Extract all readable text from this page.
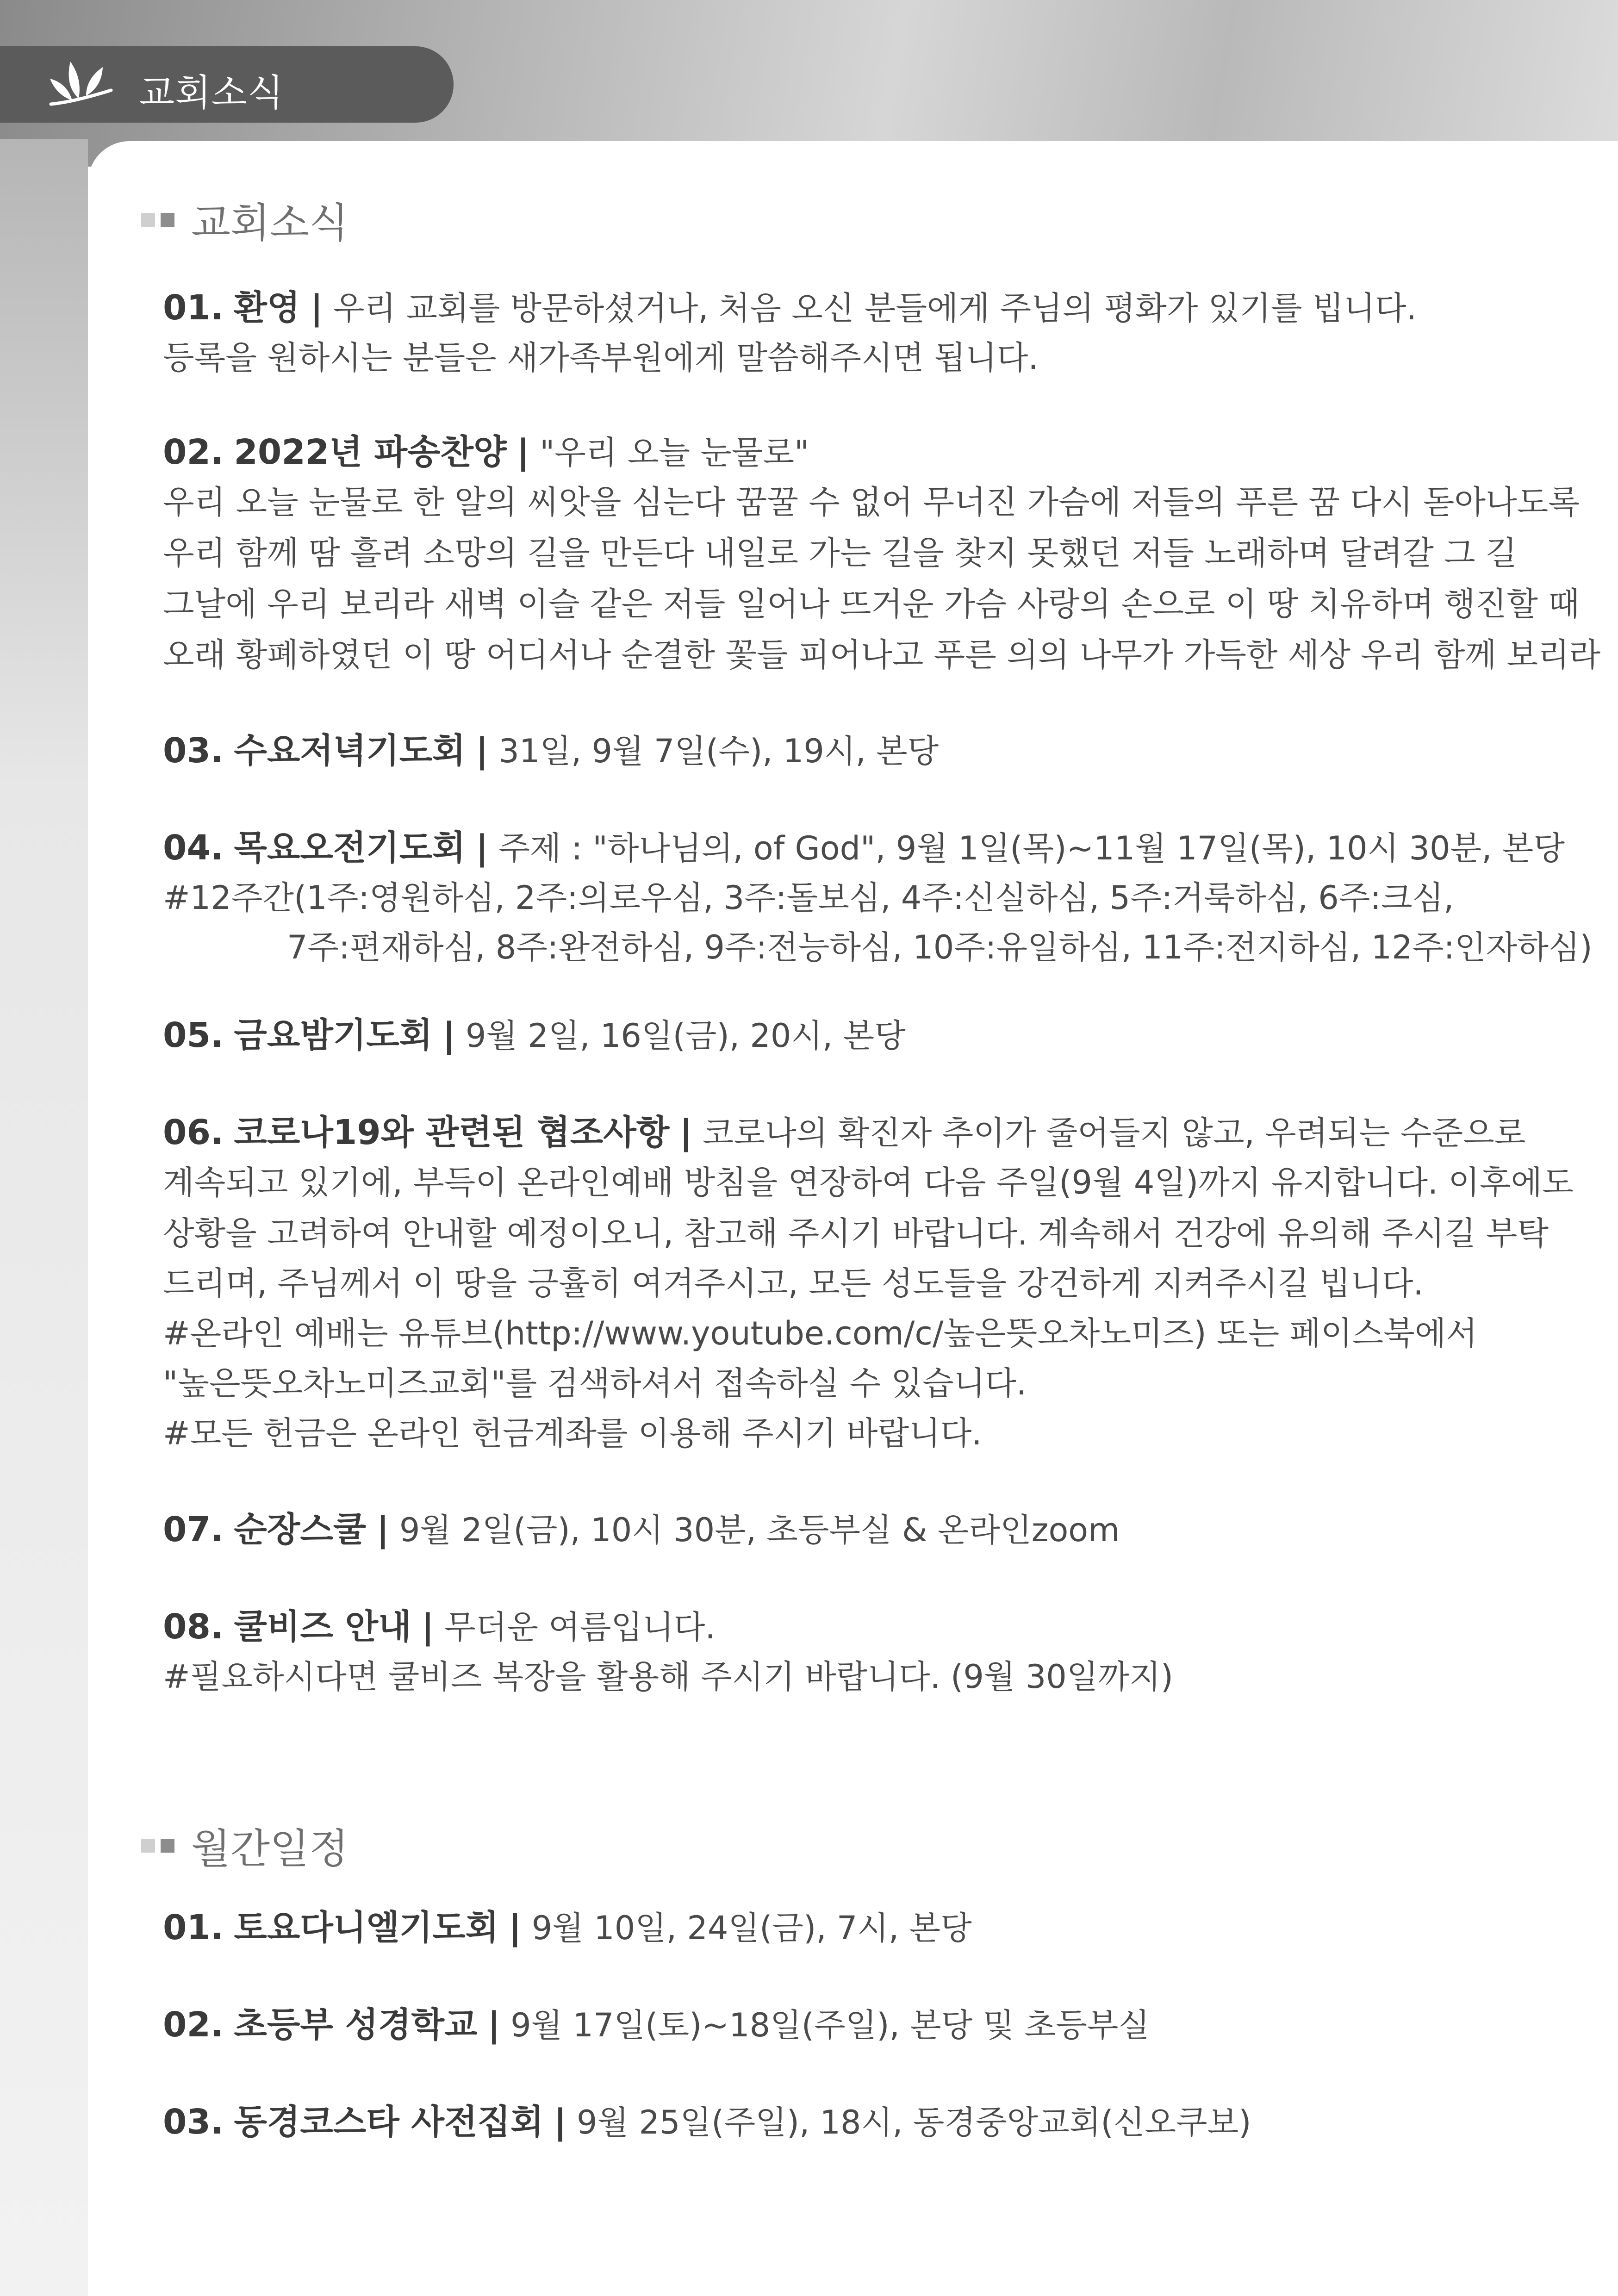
교회소식
교회소식
01. 환영 | 우리 교회를 방문하셨거나, 처음 오신 분들에게 주님의 평화가 있기를 빕니다.
등록을 원하시는 분들은 새가족부원에게 말씀해주시면 됩니다.
02. 2022년 파송찬양 | "우리 오늘 눈물로"
우리 오늘 눈물로 한 알의 씨앗을 심는다 꿈꿀 수 없어 무너진 가슴에 저들의 푸른 꿈 다시 돋아나도록
우리 함께 땀 흘려 소망의 길을 만든다 내일로 가는 길을 찾지 못했던 저들 노래하며 달려갈 그 길
그날에 우리 보리라 새벽 이슬 같은 저들 일어나 뜨거운 가슴 사랑의 손으로 이 땅 치유하며 행진할 때
오래 황폐하였던 이 땅 어디서나 순결한 꽃들 피어나고 푸른 의의 나무가 가득한 세상 우리 함께 보리라
03. 수요저녁기도회 | 31일, 9월 7일(수), 19시, 본당
04. 목요오전기도회 | 주제 : "하나님의, of God", 9월 1일(목)~11월 17일(목), 10시 30분, 본당
#12주간(1주:영원하심, 2주:의로우심, 3주:돌보심, 4주:신실하심, 5주:거룩하심, 6주:크심,
7주:편재하심, 8주:완전하심, 9주:전능하심, 10주:유일하심, 11주:전지하심, 12주:인자하심)
05. 금요밤기도회 | 9월 2일, 16일(금), 20시, 본당
06. 코로나19와 관련된 협조사항 | 코로나의 확진자 추이가 줄어들지 않고, 우려되는 수준으로
계속되고 있기에, 부득이 온라인예배 방침을 연장하여 다음 주일(9월 4일)까지 유지합니다. 이후에도
상황을 고려하여 안내할 예정이오니, 참고해 주시기 바랍니다. 계속해서 건강에 유의해 주시길 부탁
드리며, 주님께서 이 땅을 긍휼히 여겨주시고, 모든 성도들을 강건하게 지켜주시길 빕니다.
#온라인 예배는 유튜브(http://www.youtube.com/c/높은뜻오차노미즈) 또는 페이스북에서
"높은뜻오차노미즈교회"를 검색하셔서 접속하실 수 있습니다.
#모든 헌금은 온라인 헌금계좌를 이용해 주시기 바랍니다.
07. 순장스쿨 | 9월 2일(금), 10시 30분, 초등부실 & 온라인zoom
08. 쿨비즈 안내 | 무더운 여름입니다.
#필요하시다면 쿨비즈 복장을 활용해 주시기 바랍니다. (9월 30일까지)
월간일정
01. 토요다니엘기도회 | 9월 10일, 24일(금), 7시, 본당
02. 초등부 성경학교 | 9월 17일(토)~18일(주일), 본당 및 초등부실
03. 동경코스타 사전집회 | 9월 25일(주일), 18시, 동경중앙교회(신오쿠보)
